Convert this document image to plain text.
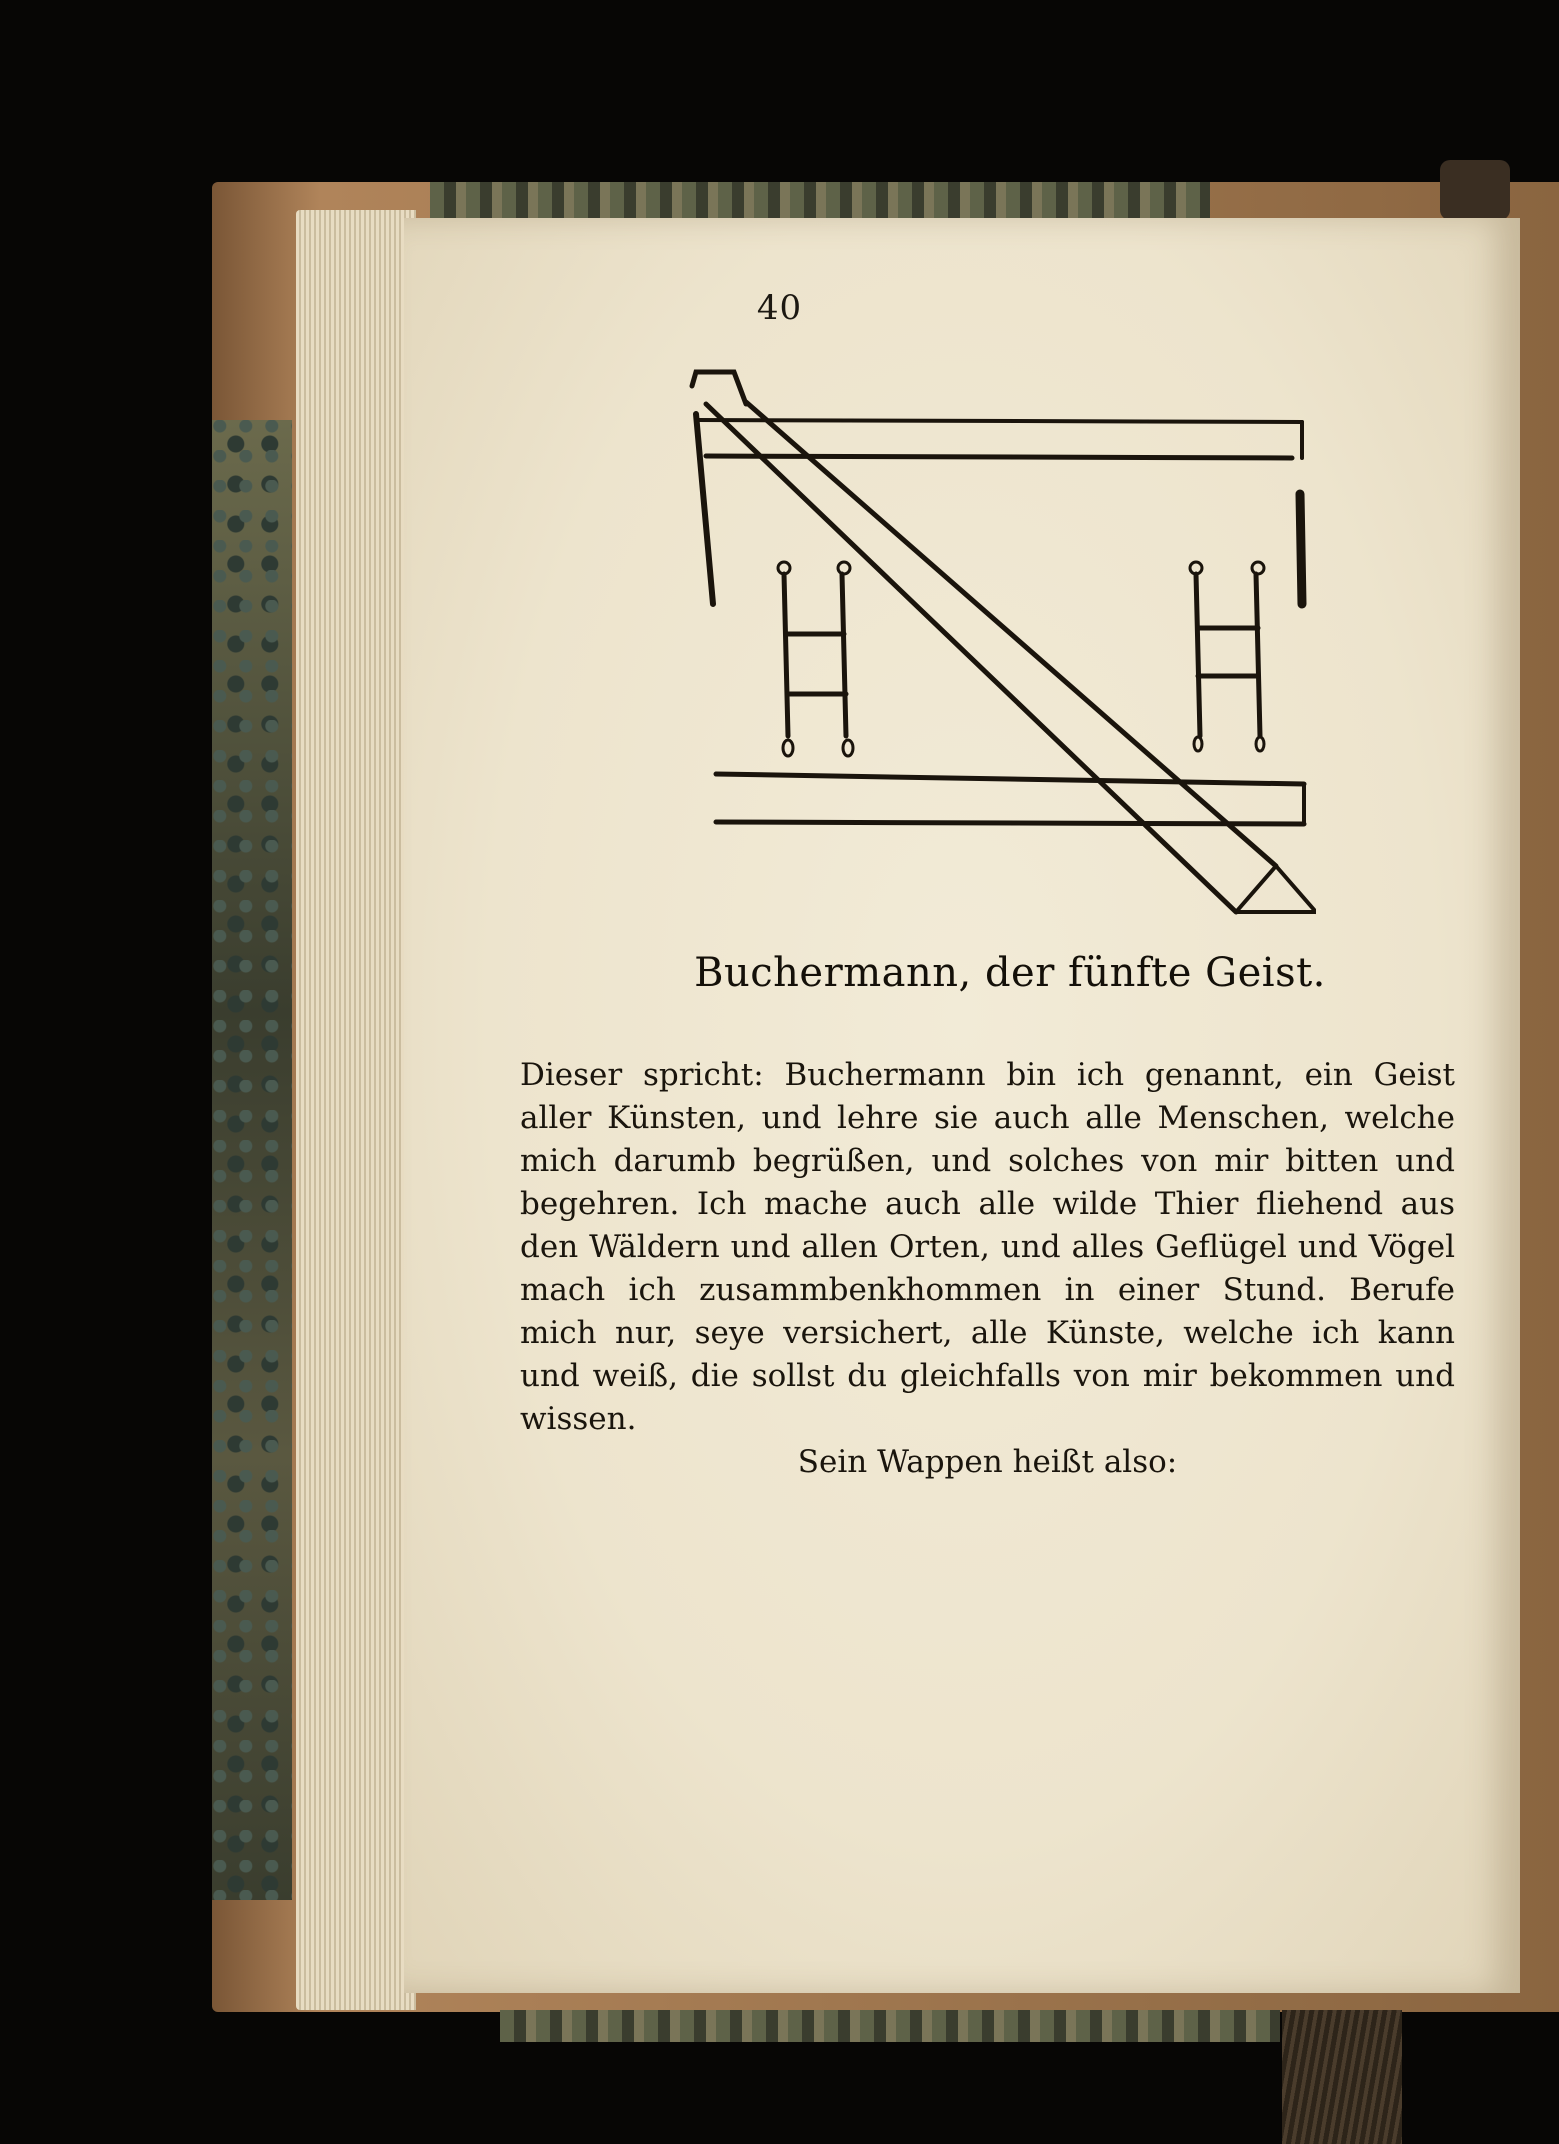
40
Buchermann, der fünfte Geist.
Dieser spricht: Buchermann bin ich genannt, ein Geist aller Künsten, und lehre sie auch alle Menschen, welche mich darumb begrüßen, und solches von mir bitten und begehren. Ich mache auch alle wilde Thier fliehend aus den Wäldern und allen Orten, und alles Geflügel und Vögel mach ich zusammbenkhommen in einer Stund. Berufe mich nur, seye versichert, alle Künste, welche ich kann und weiß, die sollst du gleichfalls von mir bekommen und wissen.
Sein Wappen heißt also:
